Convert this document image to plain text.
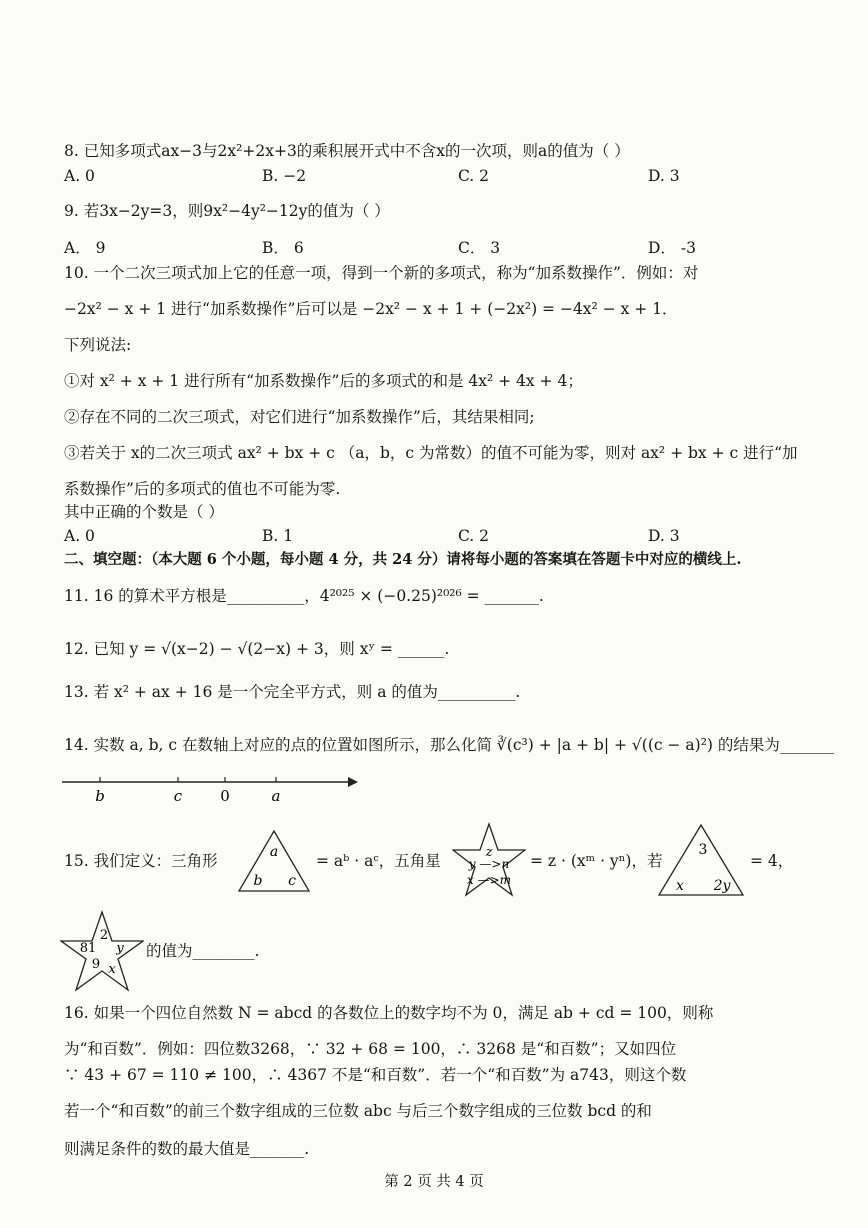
8. 已知多项式ax−3与2x²+2x+3的乘积展开式中不含x的一次项，则a的值为（ ）
A. 0	B. −2	C. 2	D. 3
9. 若3x−2y=3，则9x²−4y²−12y的值为（ ）
A． 9	B． 6	C． 3	D． -3
10. 一个二次三项式加上它的任意一项，得到一个新的多项式，称为“加系数操作”．例如：对
−2x² − x + 1 进行“加系数操作”后可以是 −2x² − x + 1 + (−2x²) = −4x² − x + 1．
下列说法:
①对 x² + x + 1 进行所有“加系数操作”后的多项式的和是 4x² + 4x + 4；
②存在不同的二次三项式，对它们进行“加系数操作”后，其结果相同;
③若关于 x的二次三项式 ax² + bx + c （a，b，c 为常数）的值不可能为零，则对 ax² + bx + c 进行“加
系数操作”后的多项式的值也不可能为零.
其中正确的个数是（ ）
A. 0	B. 1	C. 2	D. 3
二、填空题：（本大题 6 个小题，每小题 4 分，共 24 分）请将每小题的答案填在答题卡中对应的横线上.
11. 16 的算术平方根是__________，4²⁰²⁵ × (−0.25)²⁰²⁶ = _______.
12. 已知 y = √(x−2) − √(2−x) + 3，则 xʸ = ______.
13. 若 x² + ax + 16 是一个完全平方式，则 a 的值为__________.
14. 实数 a, b, c 在数轴上对应的点的位置如图所示，那么化简 ∛(c³) + |a + b| + √((c − a)²) 的结果为_______
b	c	0	a
15. 我们定义：三角形	a
b c
= aᵇ · aᶜ，五角星	z
y —>n
x —>m
= z · (xᵐ · yⁿ)，若
3
x 2y
= 4，
2
81 y
9 x
的值为________.
16. 如果一个四位自然数 N = abcd 的各数位上的数字均不为 0，满足 ab + cd = 100，则称
为“和百数”．例如：四位数3268，∵ 32 + 68 = 100，∴ 3268 是“和百数”；又如四位
∵ 43 + 67 = 110 ≠ 100，∴ 4367 不是“和百数”．若一个“和百数”为 a743，则这个数
若一个“和百数”的前三个数字组成的三位数 abc 与后三个数字组成的三位数 bcd 的和
则满足条件的数的最大值是_______.
第 2 页 共 4 页
